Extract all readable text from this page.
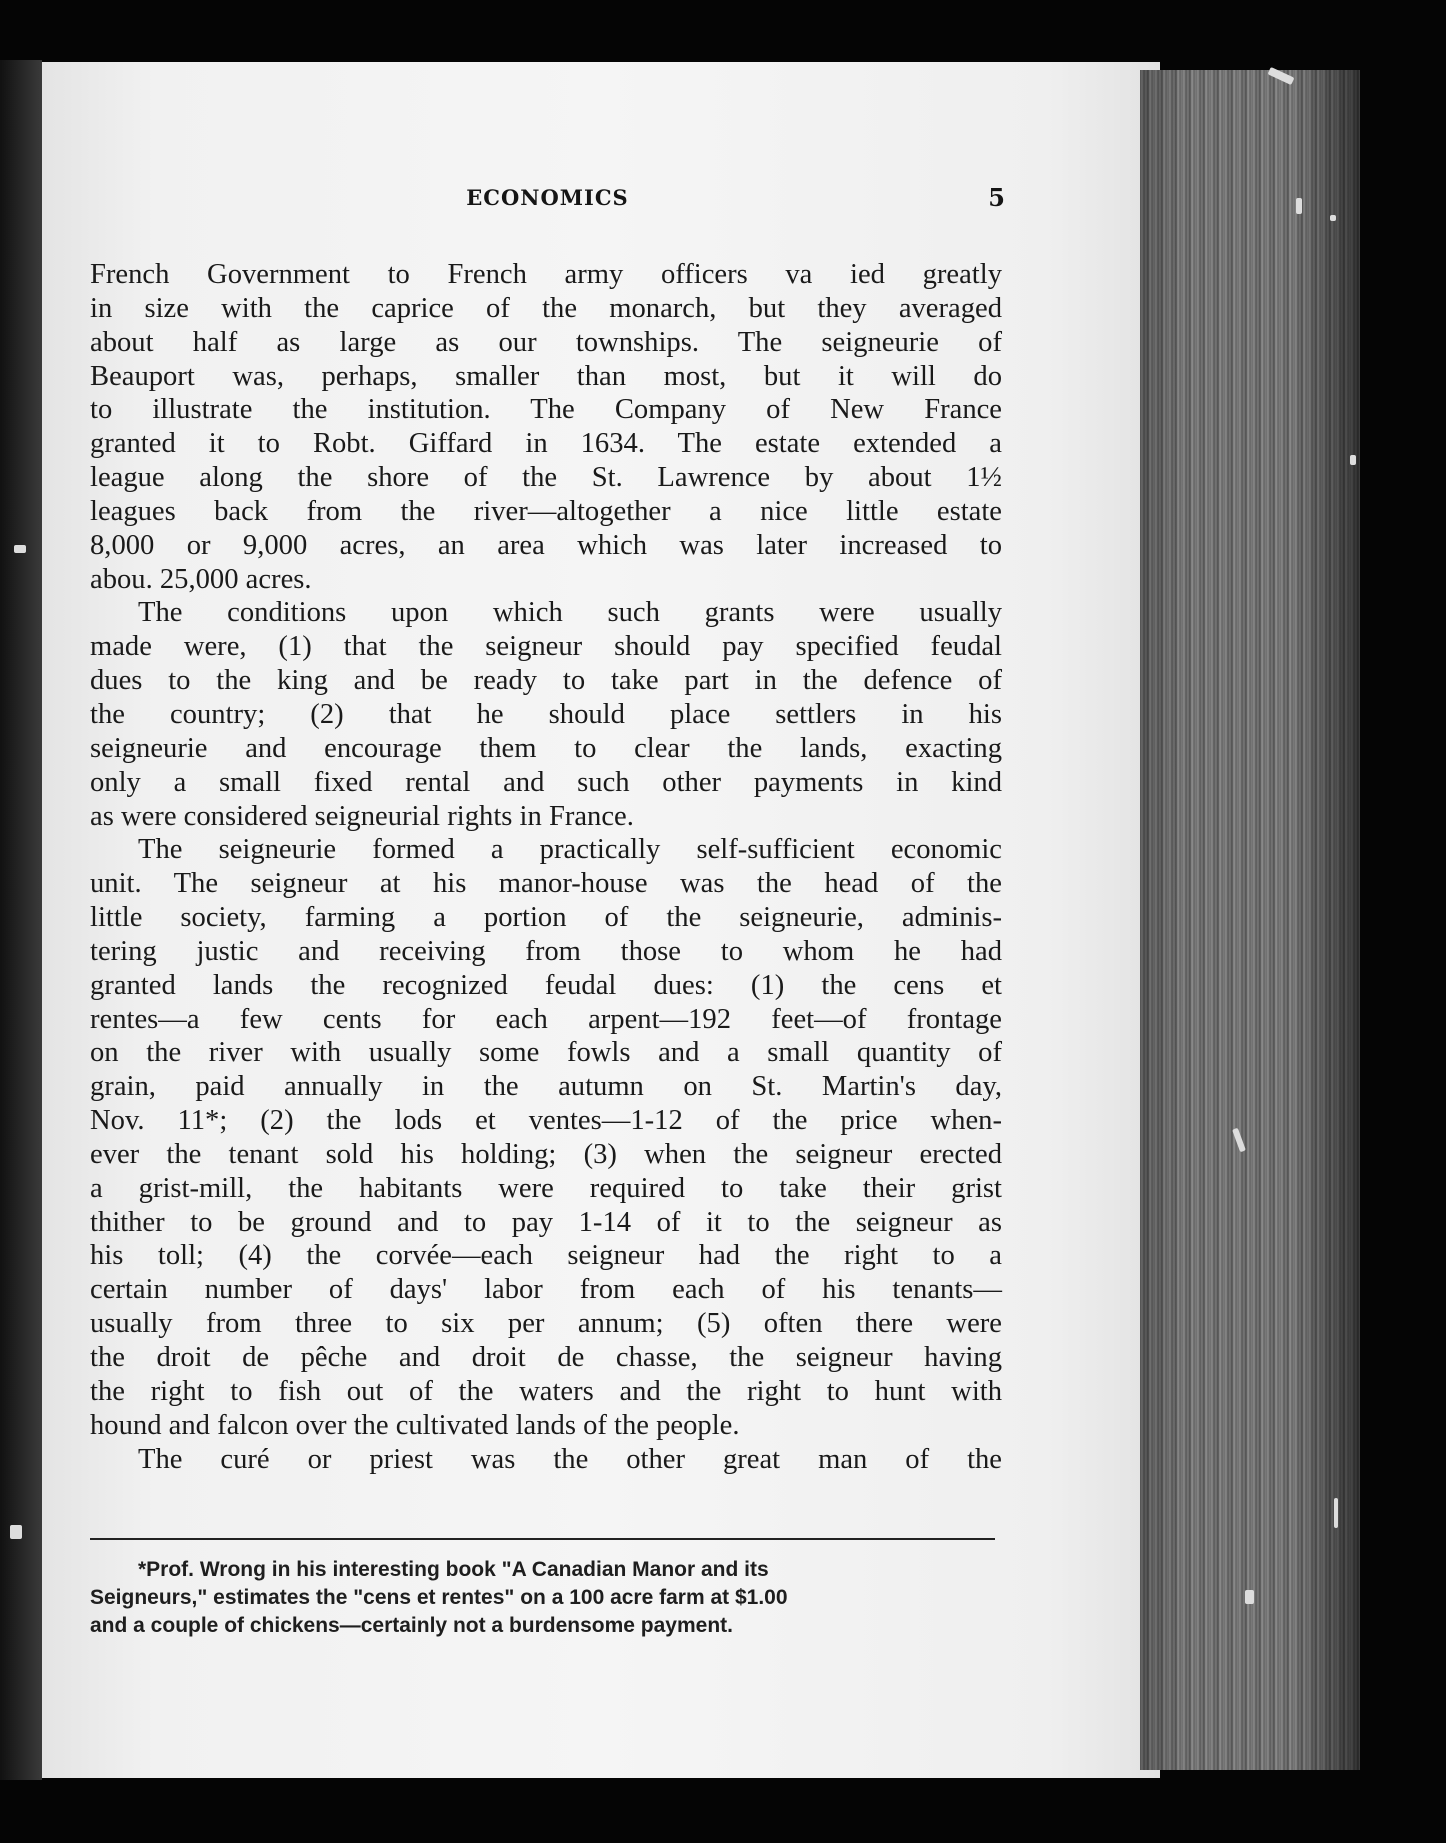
ECONOMICS	5

French Government to French army officers va ied greatly

in size with the caprice of the monarch, but they averaged

about half as large as our townships. The seigneurie of

Beauport was, perhaps, smaller than most, but it will do

to illustrate the institution. The Company of New France

granted it to Robt. Giffard in 1634. The estate extended a

league along the shore of the St. Lawrence by about 1½

leagues back from the river—altogether a nice little estate

8,000 or 9,000 acres, an area which was later increased to

abou. 25,000 acres.

The conditions upon which such grants were usually

made were, (1) that the seigneur should pay specified feudal

dues to the king and be ready to take part in the defence of

the country; (2) that he should place settlers in his

seigneurie and encourage them to clear the lands, exacting

only a small fixed rental and such other payments in kind

as were considered seigneurial rights in France.

The seigneurie formed a practically self-sufficient economic

unit. The seigneur at his manor-house was the head of the

little society, farming a portion of the seigneurie, adminis-

tering justic and receiving from those to whom he had

granted lands the recognized feudal dues: (1) the cens et

rentes—a few cents for each arpent—192 feet—of frontage

on the river with usually some fowls and a small quantity of

grain, paid annually in the autumn on St. Martin's day,

Nov. 11*; (2) the lods et ventes—1-12 of the price when-

ever the tenant sold his holding; (3) when the seigneur erected

a grist-mill, the habitants were required to take their grist

thither to be ground and to pay 1-14 of it to the seigneur as

his toll; (4) the corvée—each seigneur had the right to a

certain number of days' labor from each of his tenants—

usually from three to six per annum; (5) often there were

the droit de pêche and droit de chasse, the seigneur having

the right to fish out of the waters and the right to hunt with

hound and falcon over the cultivated lands of the people.

The curé or priest was the other great man of the

*Prof. Wrong in his interesting book "A Canadian Manor and its

Seigneurs," estimates the "cens et rentes" on a 100 acre farm at $1.00

and a couple of chickens—certainly not a burdensome payment.
